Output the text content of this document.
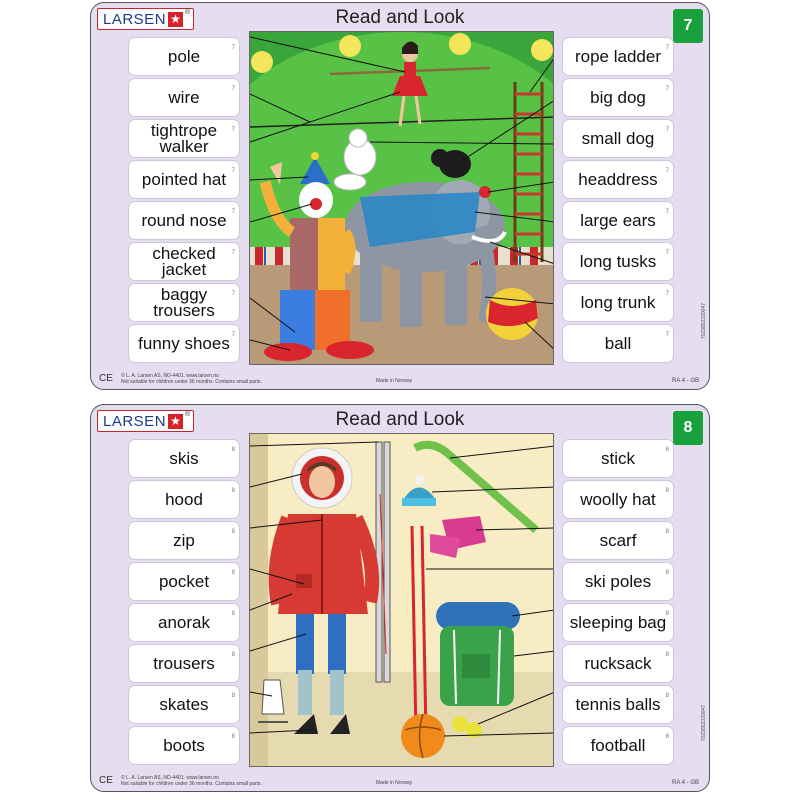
LARSEN ★ ®	Read and Look	7
pole	7
wire	7
tightrope walker
7
pointed hat 7
round nose 7
checked jacket
7
baggy trousers
7
funny shoes 7
rope ladder 7
big dog	7
small dog 7
headdress 7
large ears 7
long tusks 7
long trunk 7
ball	7
CE © L. A. Larsen AS, NO-4401. www.larsen.no
Not suitable for children under 36 months. Contains small parts.	Made in Norway	RA 4 - GB
7023852320047
LARSEN ★ ®	Read and Look	8
skis	8
hood	8
zip	8
pocket	8
anorak	8
trousers	8
skates	8
boots	8
stick	8
woolly hat 8
scarf	8
ski poles 8
sleeping bag 8
rucksack 8
tennis balls 8
football	8
CE © L. A. Larsen AS, NO-4401. www.larsen.no
Not suitable for children under 36 months. Contains small parts.	Made in Norway	RA 4 - GB
7023852320047
